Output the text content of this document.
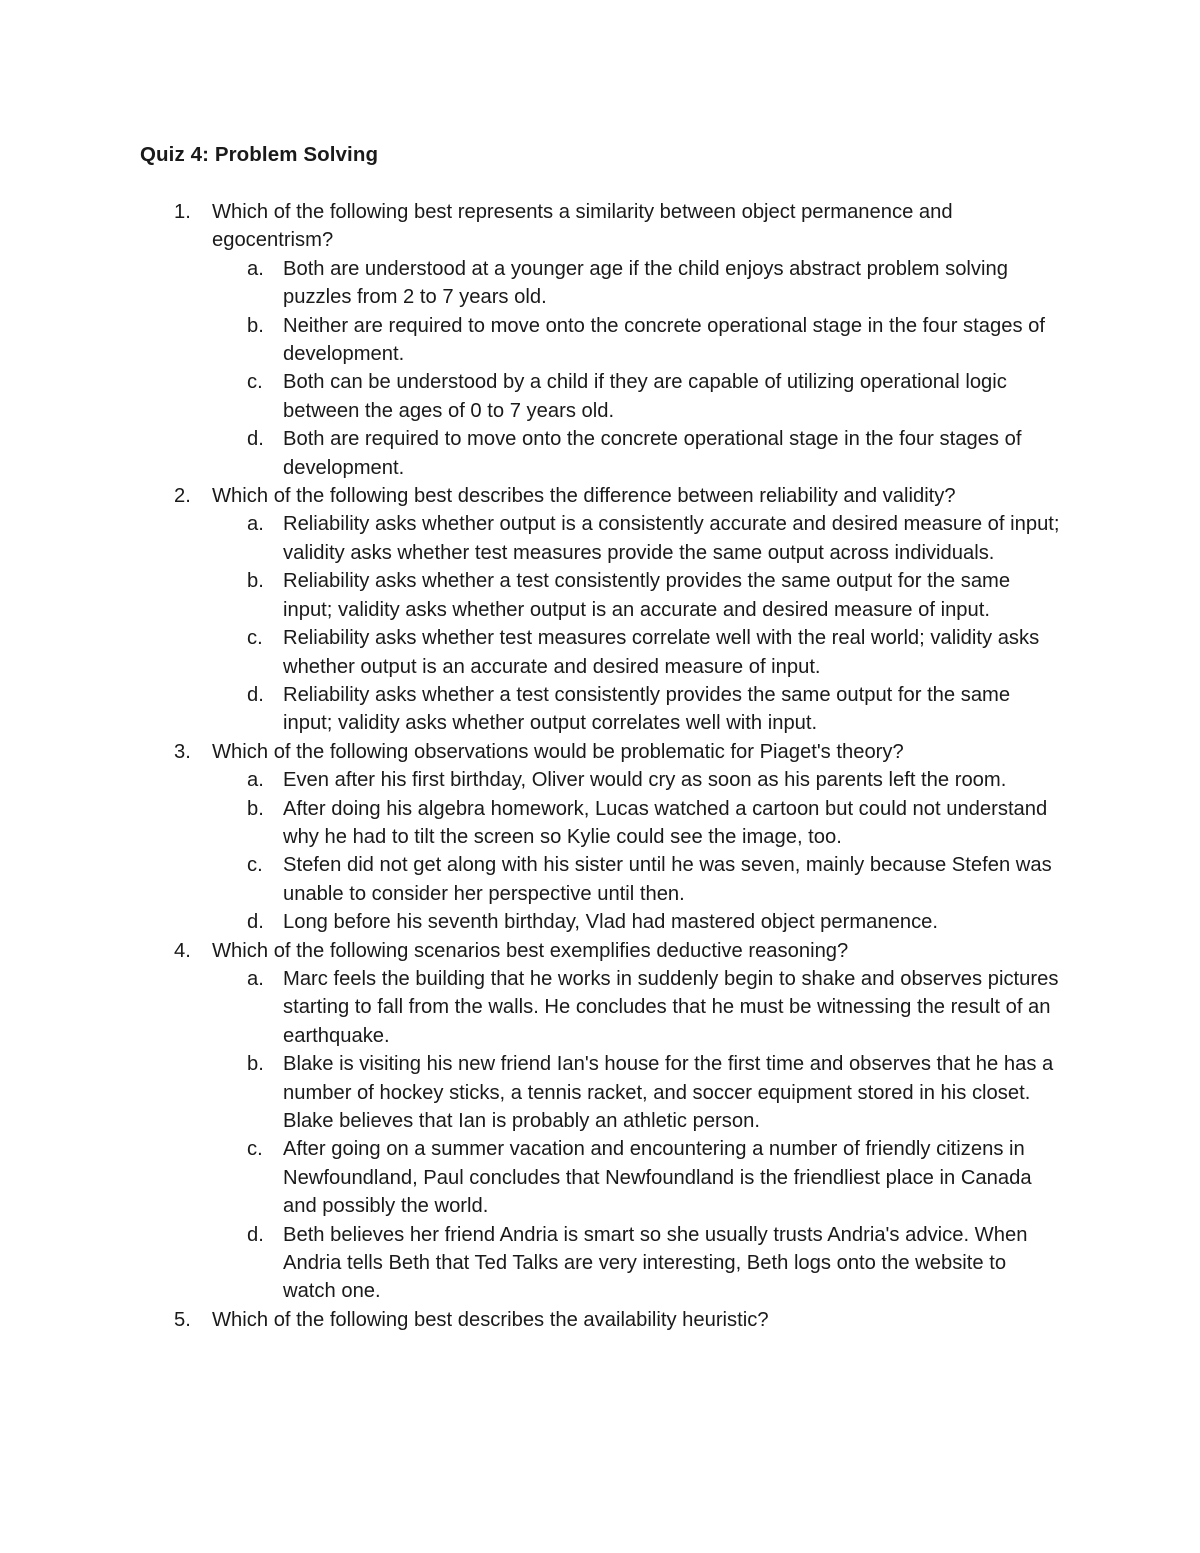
Quiz 4: Problem Solving
1. Which of the following best represents a similarity between object permanence and egocentrism?
a. Both are understood at a younger age if the child enjoys abstract problem solving puzzles from 2 to 7 years old.
b. Neither are required to move onto the concrete operational stage in the four stages of development.
c. Both can be understood by a child if they are capable of utilizing operational logic between the ages of 0 to 7 years old.
d. Both are required to move onto the concrete operational stage in the four stages of development.
2. Which of the following best describes the difference between reliability and validity?
a. Reliability asks whether output is a consistently accurate and desired measure of input; validity asks whether test measures provide the same output across individuals.
b. Reliability asks whether a test consistently provides the same output for the same input; validity asks whether output is an accurate and desired measure of input.
c. Reliability asks whether test measures correlate well with the real world; validity asks whether output is an accurate and desired measure of input.
d. Reliability asks whether a test consistently provides the same output for the same input; validity asks whether output correlates well with input.
3. Which of the following observations would be problematic for Piaget's theory?
a. Even after his first birthday, Oliver would cry as soon as his parents left the room.
b. After doing his algebra homework, Lucas watched a cartoon but could not understand why he had to tilt the screen so Kylie could see the image, too.
c. Stefen did not get along with his sister until he was seven, mainly because Stefen was unable to consider her perspective until then.
d. Long before his seventh birthday, Vlad had mastered object permanence.
4. Which of the following scenarios best exemplifies deductive reasoning?
a. Marc feels the building that he works in suddenly begin to shake and observes pictures starting to fall from the walls. He concludes that he must be witnessing the result of an earthquake.
b. Blake is visiting his new friend Ian's house for the first time and observes that he has a number of hockey sticks, a tennis racket, and soccer equipment stored in his closet. Blake believes that Ian is probably an athletic person.
c. After going on a summer vacation and encountering a number of friendly citizens in Newfoundland, Paul concludes that Newfoundland is the friendliest place in Canada and possibly the world.
d. Beth believes her friend Andria is smart so she usually trusts Andria's advice. When Andria tells Beth that Ted Talks are very interesting, Beth logs onto the website to watch one.
5. Which of the following best describes the availability heuristic?
